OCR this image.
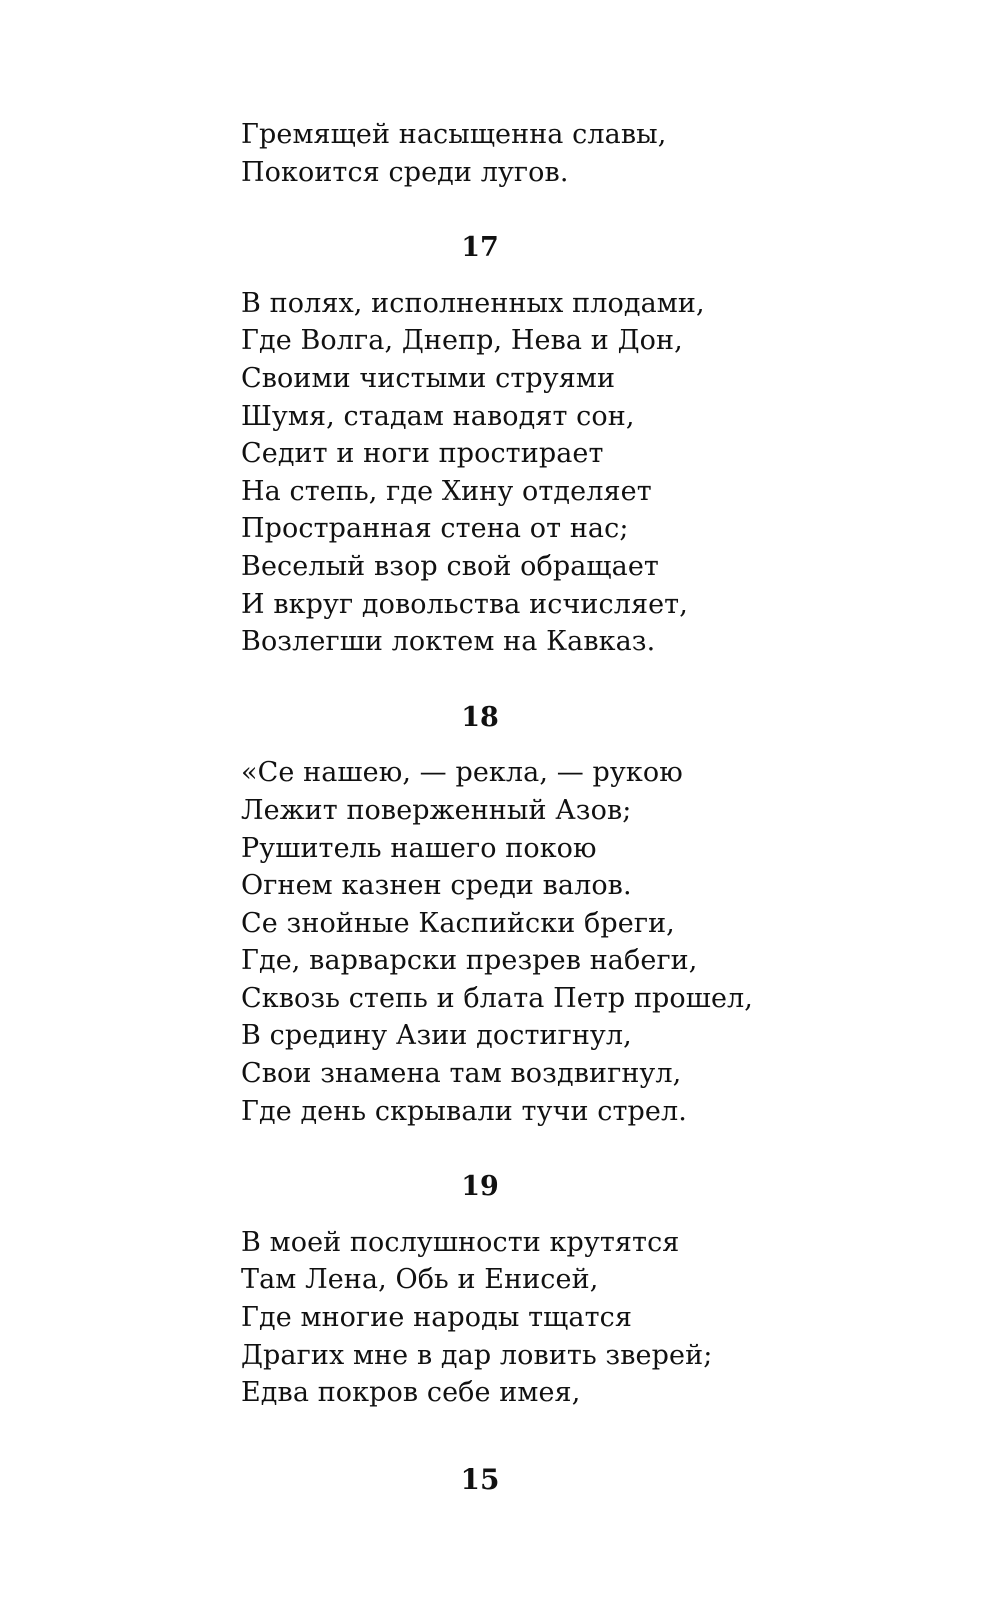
Гремящей насыщенна славы,
Покоится среди лугов.
17
В полях, исполненных плодами,
Где Волга, Днепр, Нева и Дон,
Своими чистыми струями
Шумя, стадам наводят сон,
Седит и ноги простирает
На степь, где Хину отделяет
Пространная стена от нас;
Веселый взор свой обращает
И вкруг довольства исчисляет,
Возлегши локтем на Кавказ.
18
«Се нашею, — рекла, — рукою
Лежит поверженный Азов;
Рушитель нашего покою
Огнем казнен среди валов.
Се знойные Каспийски бреги,
Где, варварски презрев набеги,
Сквозь степь и блата Петр прошел,
В средину Азии достигнул,
Свои знамена там воздвигнул,
Где день скрывали тучи стрел.
19
В моей послушности крутятся
Там Лена, Обь и Енисей,
Где многие народы тщатся
Драгих мне в дар ловить зверей;
Едва покров себе имея,
15
